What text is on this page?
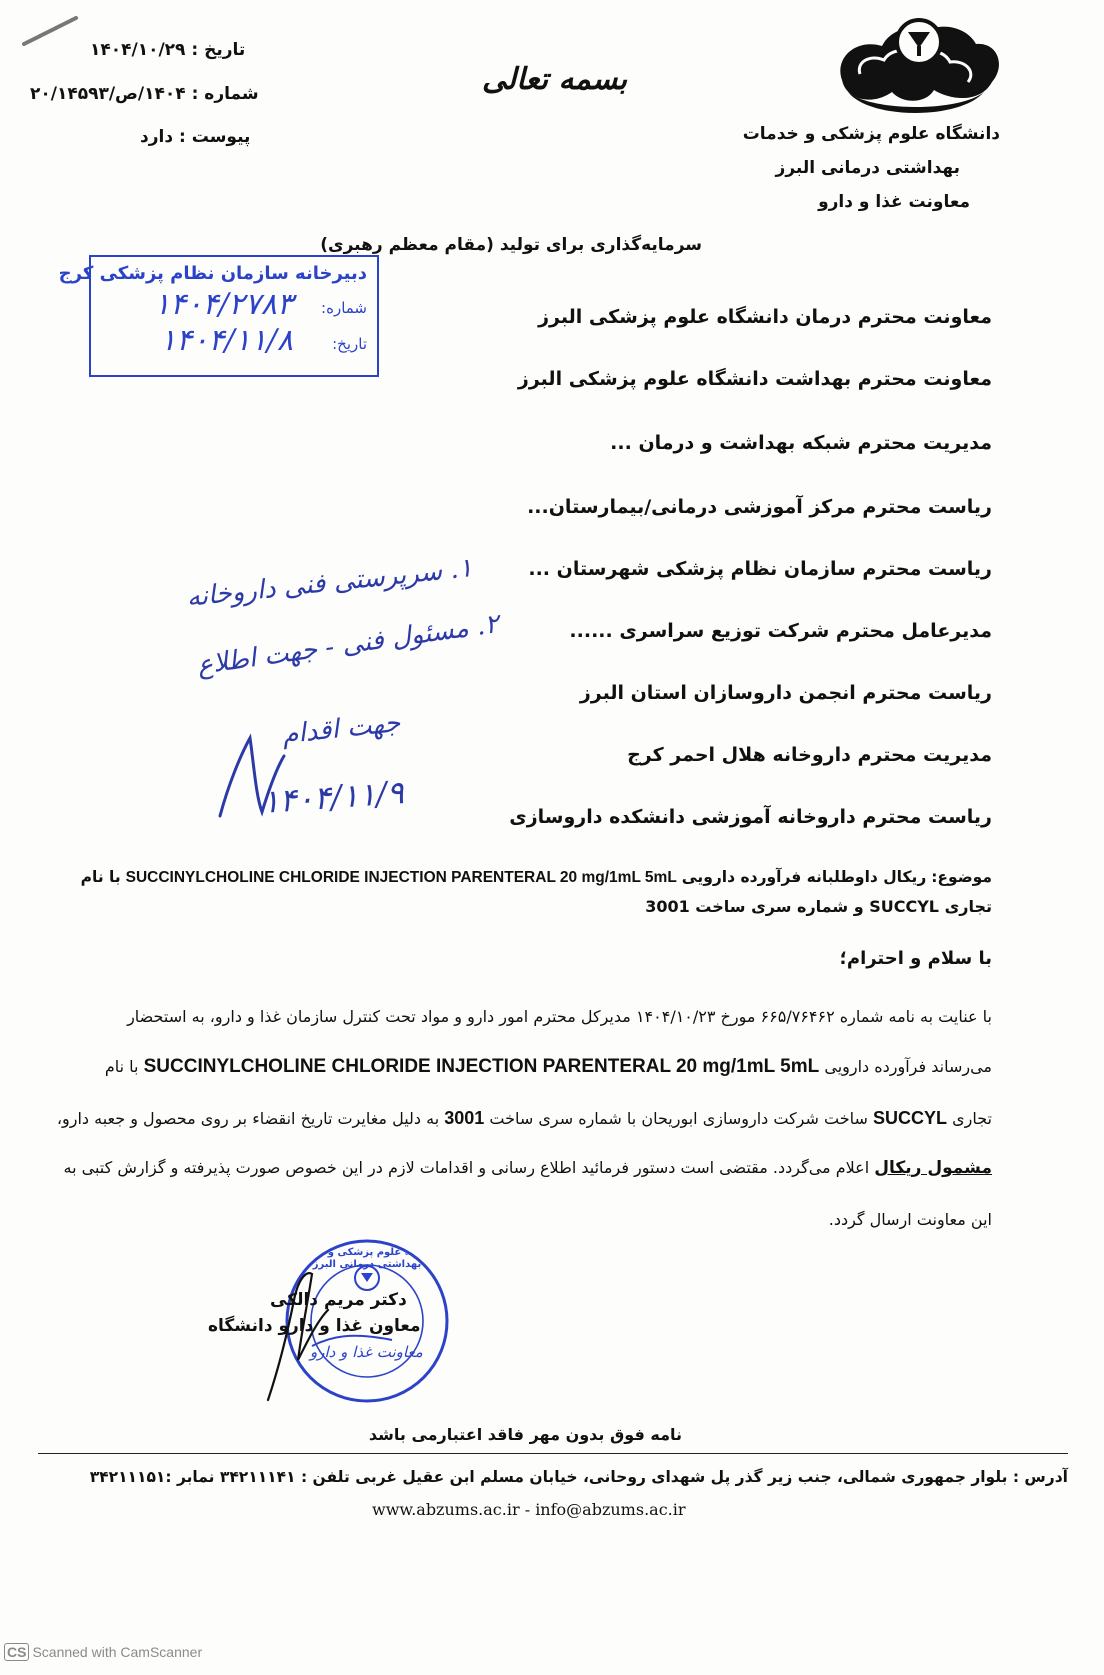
تاریخ : ۱۴۰۴/۱۰/۲۹
شماره : ۱۴۰۴/ص/۲۰/۱۴۵۹۳
پیوست : دارد
بسمه تعالی
دانشگاه علوم پزشکی و خدمات
بهداشتی درمانی البرز
معاونت غذا و دارو
سرمایه‌گذاری برای تولید (مقام معظم رهبری)
دبیرخانه سازمان نظام پزشکی کرج
شماره:
۱۴۰۴/۲۷۸۳
تاریخ:
۱۴۰۴/۱۱/۸
معاونت محترم درمان دانشگاه علوم پزشکی البرز
معاونت محترم بهداشت دانشگاه علوم پزشکی البرز
مدیریت محترم شبکه بهداشت و درمان ...
ریاست محترم مرکز آموزشی درمانی/بیمارستان...
ریاست محترم سازمان نظام پزشکی شهرستان ...
مدیرعامل محترم شرکت توزیع سراسری ......
ریاست محترم انجمن داروسازان استان البرز
مدیریت محترم داروخانه هلال احمر کرج
ریاست محترم داروخانه آموزشی دانشکده داروسازی
۱. سرپرستی فنی داروخانه
۲. مسئول فنی - جهت اطلاع
جهت اقدام
۱۴۰۴/۱۱/۹
موضوع: ریکال داوطلبانه فرآورده دارویی SUCCINYLCHOLINE CHLORIDE INJECTION PARENTERAL 20 mg/1mL 5mL با نام
تجاری SUCCYL و شماره سری ساخت 3001
با سلام و احترام؛
با عنایت به نامه شماره ۶۶۵/۷۶۴۶۲ مورخ ۱۴۰۴/۱۰/۲۳ مدیرکل محترم امور دارو و مواد تحت کنترل سازمان غذا و دارو، به استحضار
می‌رساند فرآورده دارویی SUCCINYLCHOLINE CHLORIDE INJECTION PARENTERAL 20 mg/1mL 5mL با نام
تجاری SUCCYL ساخت شرکت داروسازی ابوریحان با شماره سری ساخت 3001 به دلیل مغایرت تاریخ انقضاء بر روی محصول و جعبه دارو،
مشمول ریکال اعلام می‌گردد. مقتضی است دستور فرمائید اطلاع رسانی و اقدامات لازم در این خصوص صورت پذیرفته و گزارش کتبی به
این معاونت ارسال گردد.
دانشگاه علوم پزشکی و خدمات بهداشتی درمانی البرز
معاونت غذا و دارو
دکتر مریم دالکی
معاون غذا و دارو دانشگاه
نامه فوق بدون مهر فاقد اعتبارمی باشد
آدرس : بلوار جمهوری شمالی، جنب زیر گذر پل شهدای روحانی، خیابان مسلم ابن عقیل غربی تلفن : ۳۴۲۱۱۱۴۱ نمابر :۳۴۲۱۱۱۵۱
www.abzums.ac.ir - info@abzums.ac.ir
CS Scanned with CamScanner
